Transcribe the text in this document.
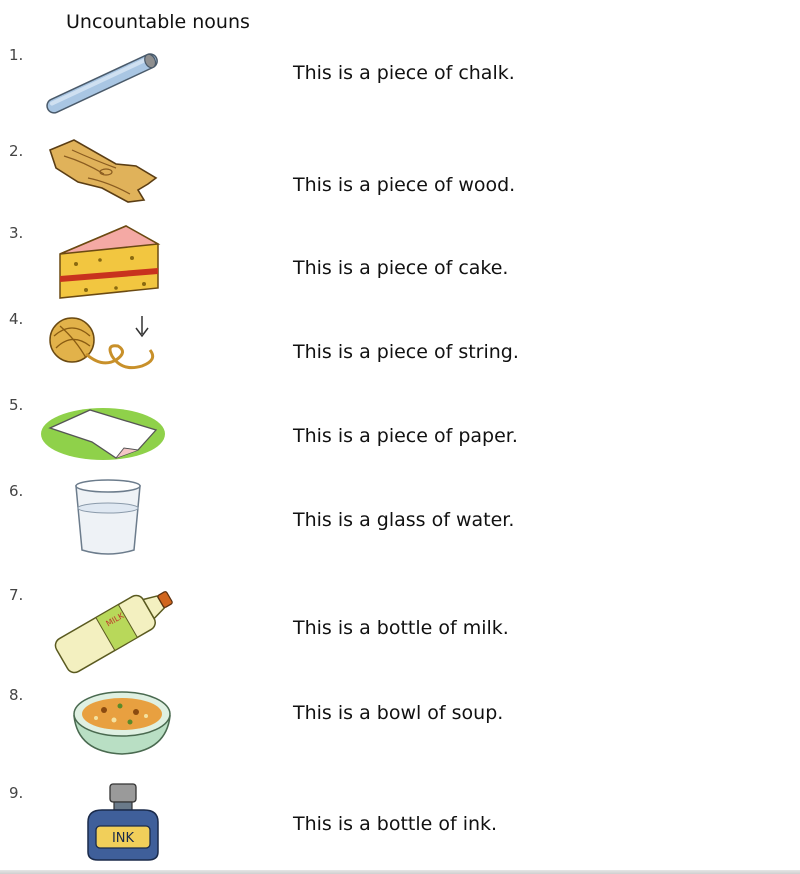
Uncountable nouns
1.
This is a piece of chalk.
2.
This is a piece of wood.
3.
This is a piece of cake.
4.
This is a piece of string.
5.
This is a piece of paper.
6.
This is a glass of water.
7.
MILK	This is a bottle of milk.
8.
This is a bowl of soup.
9.
INK
This is a bottle of ink.
